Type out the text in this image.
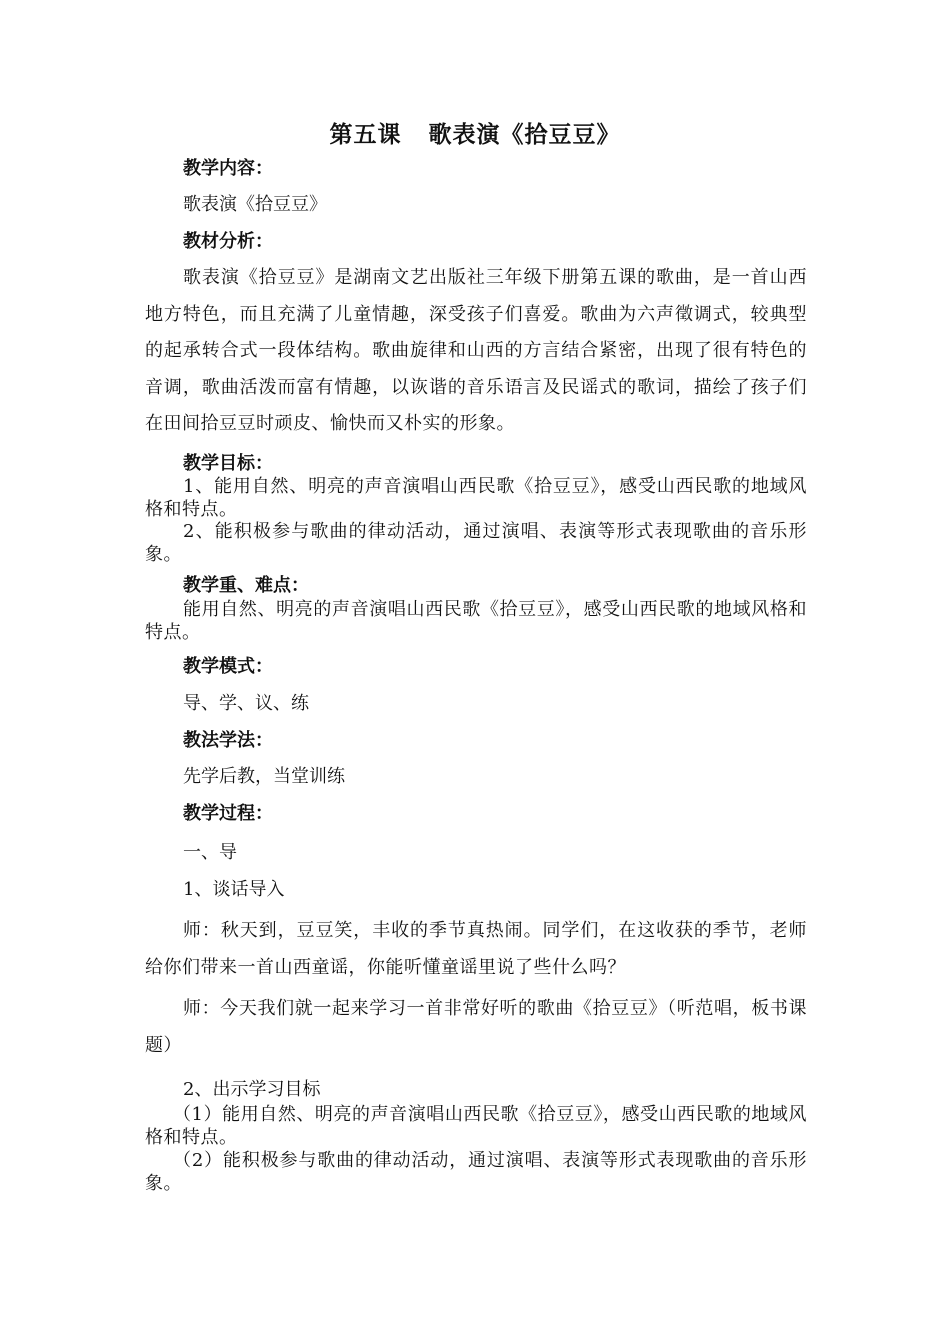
第五课   歌表演《拾豆豆》
教学内容：
歌表演《拾豆豆》
教材分析：

歌表演《拾豆豆》是湖南文艺出版社三年级下册第五课的歌曲，是一首山西地方特色，而且充满了儿童情趣，深受孩子们喜爱。歌曲为六声徵调式，较典型的起承转合式一段体结构。歌曲旋律和山西的方言结合紧密，出现了很有特色的音调，歌曲活泼而富有情趣，以诙谐的音乐语言及民谣式的歌词，描绘了孩子们在田间拾豆豆时顽皮、愉快而又朴实的形象。

教学目标：

1、能用自然、明亮的声音演唱山西民歌《拾豆豆》，感受山西民歌的地域风格和特点。

2、能积极参与歌曲的律动活动，通过演唱、表演等形式表现歌曲的音乐形象。

教学重、难点：

能用自然、明亮的声音演唱山西民歌《拾豆豆》，感受山西民歌的地域风格和特点。

教学模式：
导、学、议、练
教法学法：
先学后教，当堂训练
教学过程：
一、导
1、谈话导入

师：秋天到，豆豆笑，丰收的季节真热闹。同学们，在这收获的季节，老师给你们带来一首山西童谣，你能听懂童谣里说了些什么吗？

师：今天我们就一起来学习一首非常好听的歌曲《拾豆豆》（听范唱，板书课题）

2、出示学习目标

（1）能用自然、明亮的声音演唱山西民歌《拾豆豆》，感受山西民歌的地域风格和特点。

（2）能积极参与歌曲的律动活动，通过演唱、表演等形式表现歌曲的音乐形象。
